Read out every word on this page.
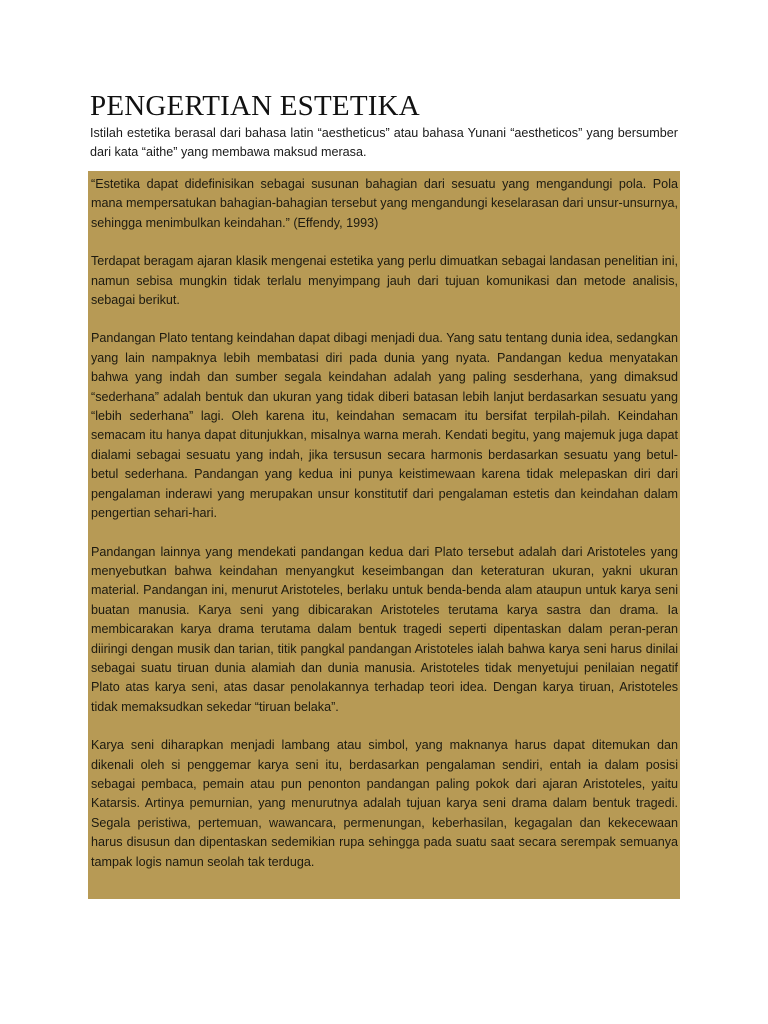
PENGERTIAN ESTETIKA

Istilah estetika berasal dari bahasa latin “aestheticus” atau bahasa Yunani “aestheticos” yang bersumber dari kata “aithe” yang membawa maksud merasa.

“Estetika dapat didefinisikan sebagai susunan bahagian dari sesuatu yang mengandungi pola. Pola mana mempersatukan bahagian-bahagian tersebut yang mengandungi keselarasan dari unsur-unsurnya, sehingga menimbulkan keindahan.” (Effendy, 1993)

Terdapat beragam ajaran klasik mengenai estetika yang perlu dimuatkan sebagai landasan penelitian ini, namun sebisa mungkin tidak terlalu menyimpang jauh dari tujuan komunikasi dan metode analisis, sebagai berikut.

Pandangan Plato tentang keindahan dapat dibagi menjadi dua. Yang satu tentang dunia idea, sedangkan yang lain nampaknya lebih membatasi diri pada dunia yang nyata. Pandangan kedua menyatakan bahwa yang indah dan sumber segala keindahan adalah yang paling sesderhana, yang dimaksud “sederhana” adalah bentuk dan ukuran yang tidak diberi batasan lebih lanjut berdasarkan sesuatu yang “lebih sederhana” lagi. Oleh karena itu, keindahan semacam itu bersifat terpilah-pilah. Keindahan semacam itu hanya dapat ditunjukkan, misalnya warna merah. Kendati begitu, yang majemuk juga dapat dialami sebagai sesuatu yang indah, jika tersusun secara harmonis berdasarkan sesuatu yang betul-betul sederhana. Pandangan yang kedua ini punya keistimewaan karena tidak melepaskan diri dari pengalaman inderawi yang merupakan unsur konstitutif dari pengalaman estetis dan keindahan dalam pengertian sehari-hari.

Pandangan lainnya yang mendekati pandangan kedua dari Plato tersebut adalah dari Aristoteles yang menyebutkan bahwa keindahan menyangkut keseimbangan dan keteraturan ukuran, yakni ukuran material. Pandangan ini, menurut Aristoteles, berlaku untuk benda-benda alam ataupun untuk karya seni buatan manusia. Karya seni yang dibicarakan Aristoteles terutama karya sastra dan drama. Ia membicarakan karya drama terutama dalam bentuk tragedi seperti dipentaskan dalam peran-peran diiringi dengan musik dan tarian, titik pangkal pandangan Aristoteles ialah bahwa karya seni harus dinilai sebagai suatu tiruan dunia alamiah dan dunia manusia. Aristoteles tidak menyetujui penilaian negatif Plato atas karya seni, atas dasar penolakannya terhadap teori idea. Dengan karya tiruan, Aristoteles tidak memaksudkan sekedar “tiruan belaka”.

Karya seni diharapkan menjadi lambang atau simbol, yang maknanya harus dapat ditemukan dan dikenali oleh si penggemar karya seni itu, berdasarkan pengalaman sendiri, entah ia dalam posisi sebagai pembaca, pemain atau pun penonton pandangan paling pokok dari ajaran Aristoteles, yaitu Katarsis. Artinya pemurnian, yang menurutnya adalah tujuan karya seni drama dalam bentuk tragedi. Segala peristiwa, pertemuan, wawancara, permenungan, keberhasilan, kegagalan dan kekecewaan harus disusun dan dipentaskan sedemikian rupa sehingga pada suatu saat secara serempak semuanya tampak logis namun seolah tak terduga.
